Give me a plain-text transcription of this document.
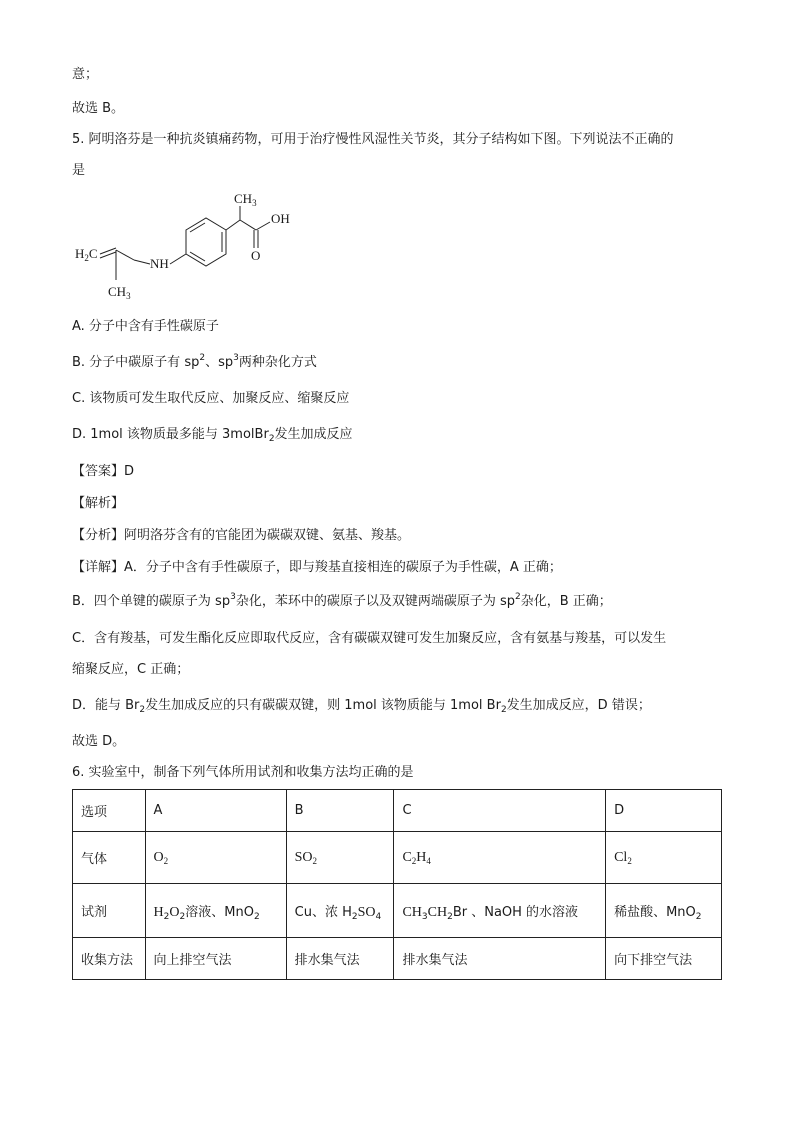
意；
故选 B。
5. 阿明洛芬是一种抗炎镇痛药物，可用于治疗慢性风湿性关节炎，其分子结构如下图。下列说法不正确的
是
$H_2C$
$CH_3$
NH
$CH_3$
OH
O
A. 分子中含有手性碳原子
B. 分子中碳原子有 $sp^2$、$sp^3$两种杂化方式
C. 该物质可发生取代反应、加聚反应、缩聚反应
D. 1mol 该物质最多能与 3molBr$_2$发生加成反应
【答案】D
【解析】
【分析】阿明洛芬含有的官能团为碳碳双键、氨基、羧基。
【详解】A．分子中含有手性碳原子，即与羧基直接相连的碳原子为手性碳，A 正确；
B．四个单键的碳原子为 $sp^3$杂化，苯环中的碳原子以及双键两端碳原子为 $sp^2$杂化，B 正确；
C．含有羧基，可发生酯化反应即取代反应，含有碳碳双键可发生加聚反应，含有氨基与羧基，可以发生
缩聚反应，C 正确；
D．能与 $Br_2$发生加成反应的只有碳碳双键，则 1mol 该物质能与 1mol $Br_2$发生加成反应，D 错误；
故选 D。
6. 实验室中，制备下列气体所用试剂和收集方法均正确的是
选项	A	B	C	D
气体	$O_2$	$SO_2$	$C_2H_4$	$Cl_2$
试剂	$H_2O_2$溶液、MnO$_2$	Cu、浓 $H_2SO_4$	$CH_3CH_2Br$ 、NaOH 的水溶液	稀盐酸、MnO$_2$
收集方法	向上排空气法	排水集气法	排水集气法	向下排空气法
